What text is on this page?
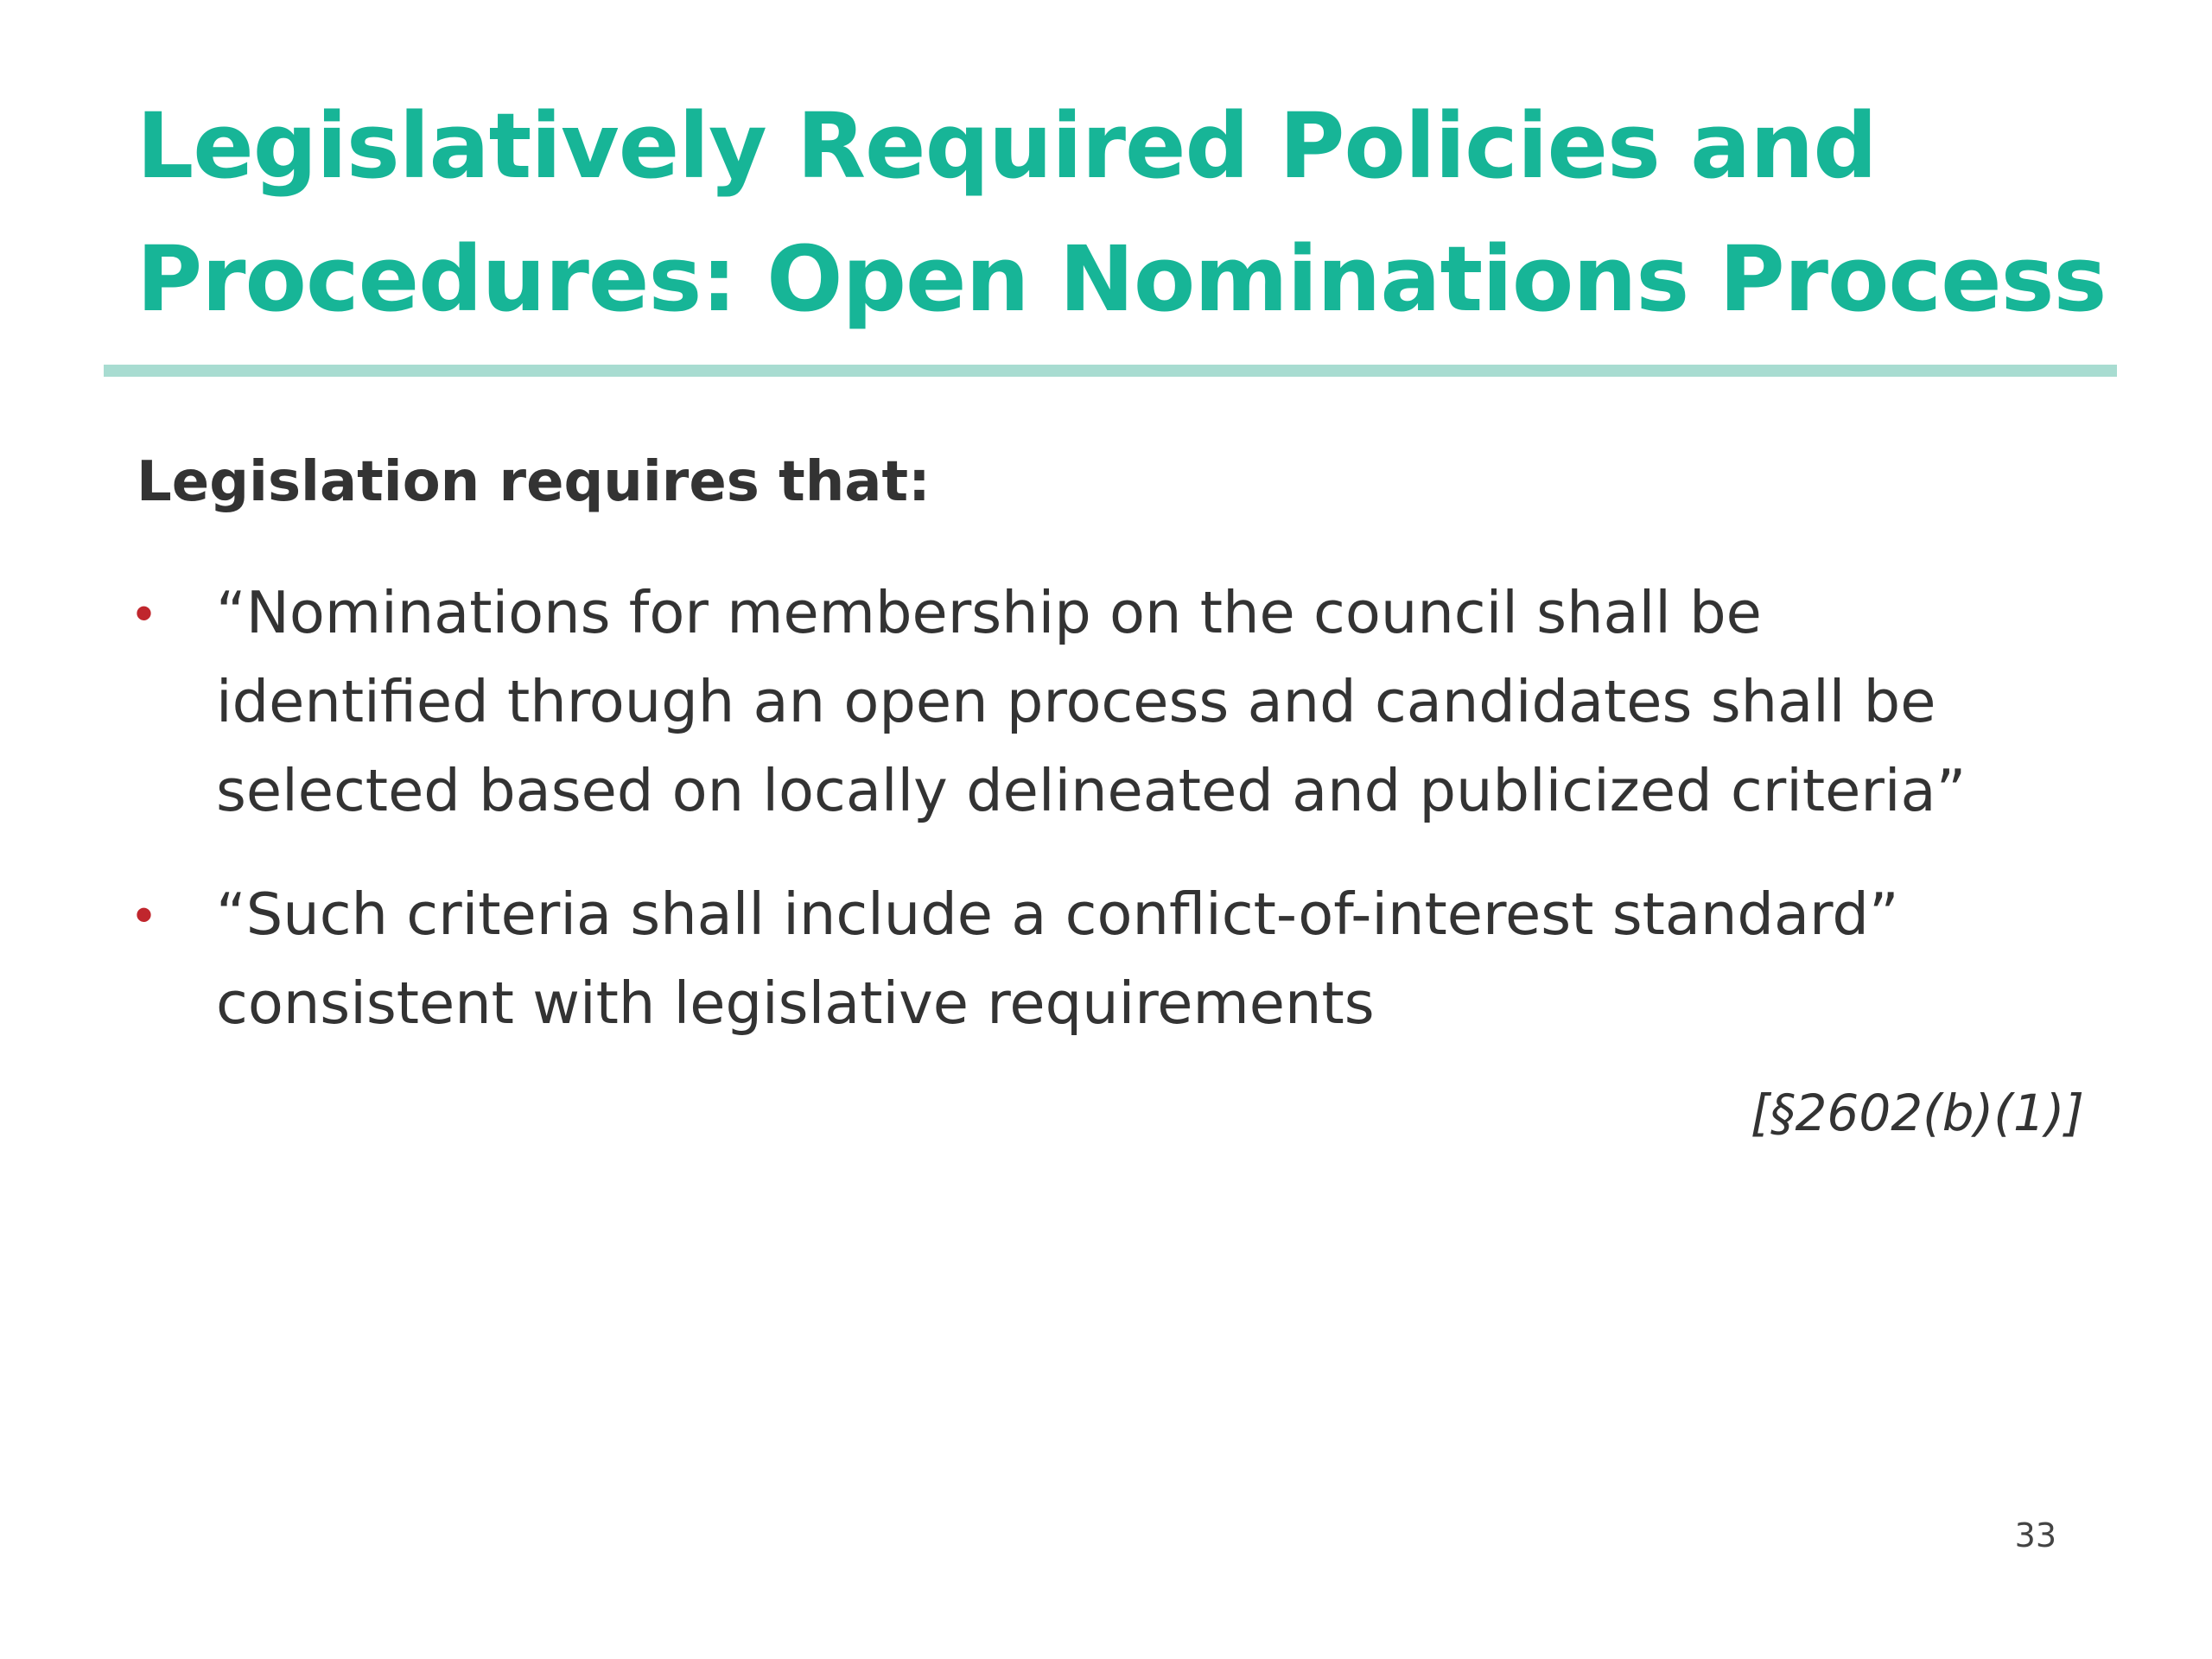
Legislatively Required Policies and
Procedures: Open Nominations Process

Legislation requires that:

• “Nominations for membership on the council shall be
identified through an open process and candidates shall be
selected based on locally delineated and publicized criteria”

• “Such criteria shall include a conflict-of-interest standard”
consistent with legislative requirements

[§2602(b)(1)]

33
